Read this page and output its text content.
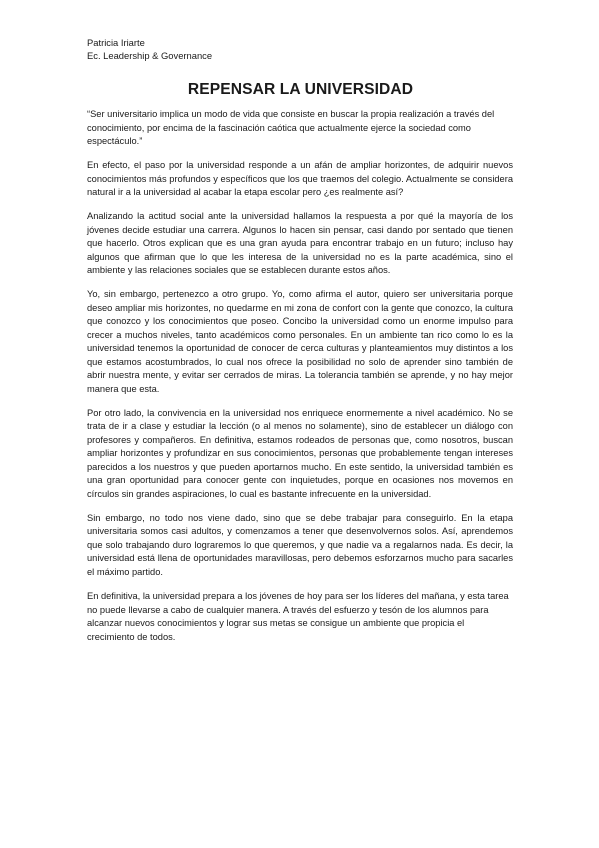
Patricia Iriarte
Ec. Leadership & Governance
REPENSAR LA UNIVERSIDAD

“Ser universitario implica un modo de vida que consiste en buscar la propia realización a través del conocimiento, por encima de la fascinación caótica que actualmente ejerce la sociedad como espectáculo.”

En efecto, el paso por la universidad responde a un afán de ampliar horizontes, de adquirir nuevos conocimientos más profundos y específicos que los que traemos del colegio. Actualmente se considera natural ir a la universidad al acabar la etapa escolar pero ¿es realmente así?

Analizando la actitud social ante la universidad hallamos la respuesta a por qué la mayoría de los jóvenes decide estudiar una carrera. Algunos lo hacen sin pensar, casi dando por sentado que tienen que hacerlo. Otros explican que es una gran ayuda para encontrar trabajo en un futuro; incluso hay algunos que afirman que lo que les interesa de la universidad no es la parte académica, sino el ambiente y las relaciones sociales que se establecen durante estos años.

Yo, sin embargo, pertenezco a otro grupo. Yo, como afirma el autor, quiero ser universitaria porque deseo ampliar mis horizontes, no quedarme en mi zona de confort con la gente que conozco, la cultura que conozco y los conocimientos que poseo. Concibo la universidad como un enorme impulso para crecer a muchos niveles, tanto académicos como personales. En un ambiente tan rico como lo es la universidad tenemos la oportunidad de conocer de cerca culturas y planteamientos muy distintos a los que estamos acostumbrados, lo cual nos ofrece la posibilidad no solo de aprender sino también de abrir nuestra mente, y evitar ser cerrados de miras. La tolerancia también se aprende, y no hay mejor manera que esta.

Por otro lado, la convivencia en la universidad nos enriquece enormemente a nivel académico. No se trata de ir a clase y estudiar la lección (o al menos no solamente), sino de establecer un diálogo con profesores y compañeros. En definitiva, estamos rodeados de personas que, como nosotros, buscan ampliar horizontes y profundizar en sus conocimientos, personas que probablemente tengan intereses parecidos a los nuestros y que pueden aportarnos mucho. En este sentido, la universidad también es una gran oportunidad para conocer gente con inquietudes, porque en ocasiones nos movemos en círculos sin grandes aspiraciones, lo cual es bastante infrecuente en la universidad.

Sin embargo, no todo nos viene dado, sino que se debe trabajar para conseguirlo. En la etapa universitaria somos casi adultos, y comenzamos a tener que desenvolvernos solos. Así, aprendemos que solo trabajando duro lograremos lo que queremos, y que nadie va a regalarnos nada. Es decir, la universidad está llena de oportunidades maravillosas, pero debemos esforzarnos mucho para sacarles el máximo partido.

En definitiva, la universidad prepara a los jóvenes de hoy para ser los líderes del mañana, y esta tarea no puede llevarse a cabo de cualquier manera. A través del esfuerzo y tesón de los alumnos para alcanzar nuevos conocimientos y lograr sus metas se consigue un ambiente que propicia el crecimiento de todos.
